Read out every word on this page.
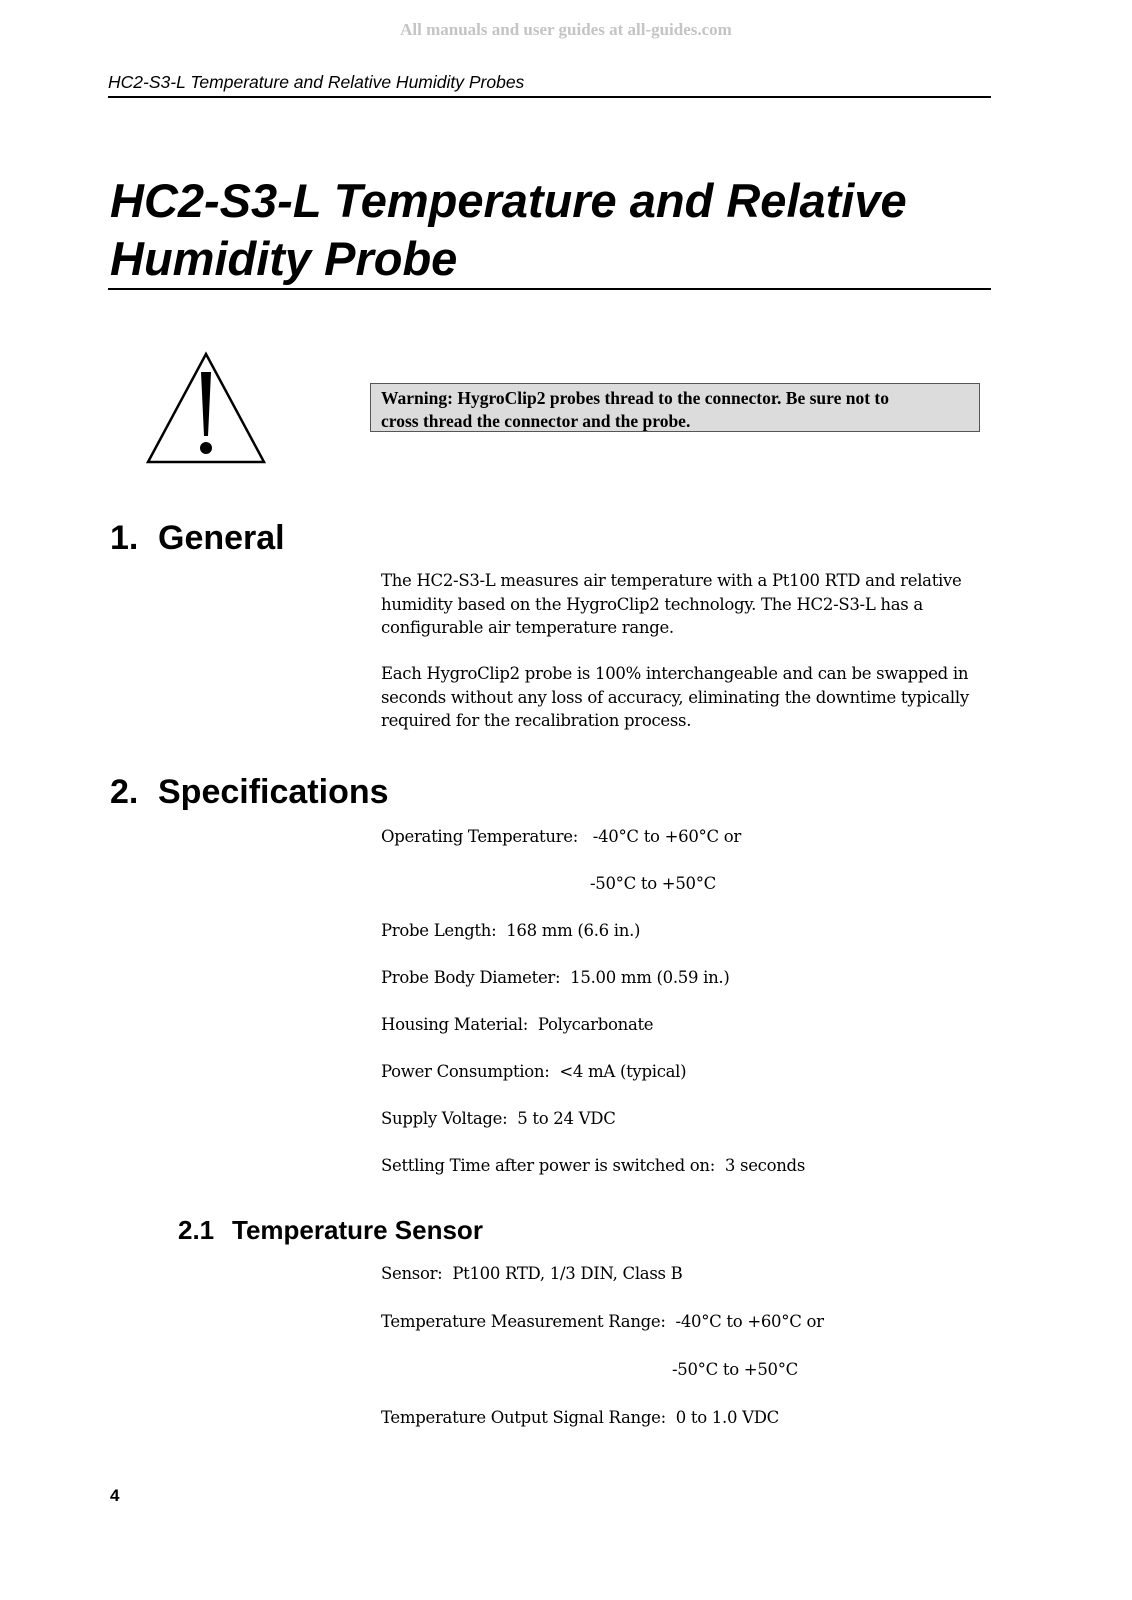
All manuals and user guides at all-guides.com
HC2-S3-L Temperature and Relative Humidity Probes
HC2-S3-L Temperature and Relative
Humidity Probe
Warning: HygroClip2 probes thread to the connector. Be sure not to
cross thread the connector and the probe.
1. General

The HC2-S3-L measures air temperature with a Pt100 RTD and relative
humidity based on the HygroClip2 technology. The HC2-S3-L has a
configurable air temperature range.

Each HygroClip2 probe is 100% interchangeable and can be swapped in
seconds without any loss of accuracy, eliminating the downtime typically
required for the recalibration process.

2. Specifications

Operating Temperature:   -40°C to +60°C or

-50°C to +50°C

Probe Length:  168 mm (6.6 in.)

Probe Body Diameter:  15.00 mm (0.59 in.)

Housing Material:  Polycarbonate

Power Consumption:  <4 mA (typical)

Supply Voltage:  5 to 24 VDC

Settling Time after power is switched on:  3 seconds

2.1 Temperature Sensor

Sensor:  Pt100 RTD, 1/3 DIN, Class B

Temperature Measurement Range:  -40°C to +60°C or

-50°C to +50°C

Temperature Output Signal Range:  0 to 1.0 VDC

4
